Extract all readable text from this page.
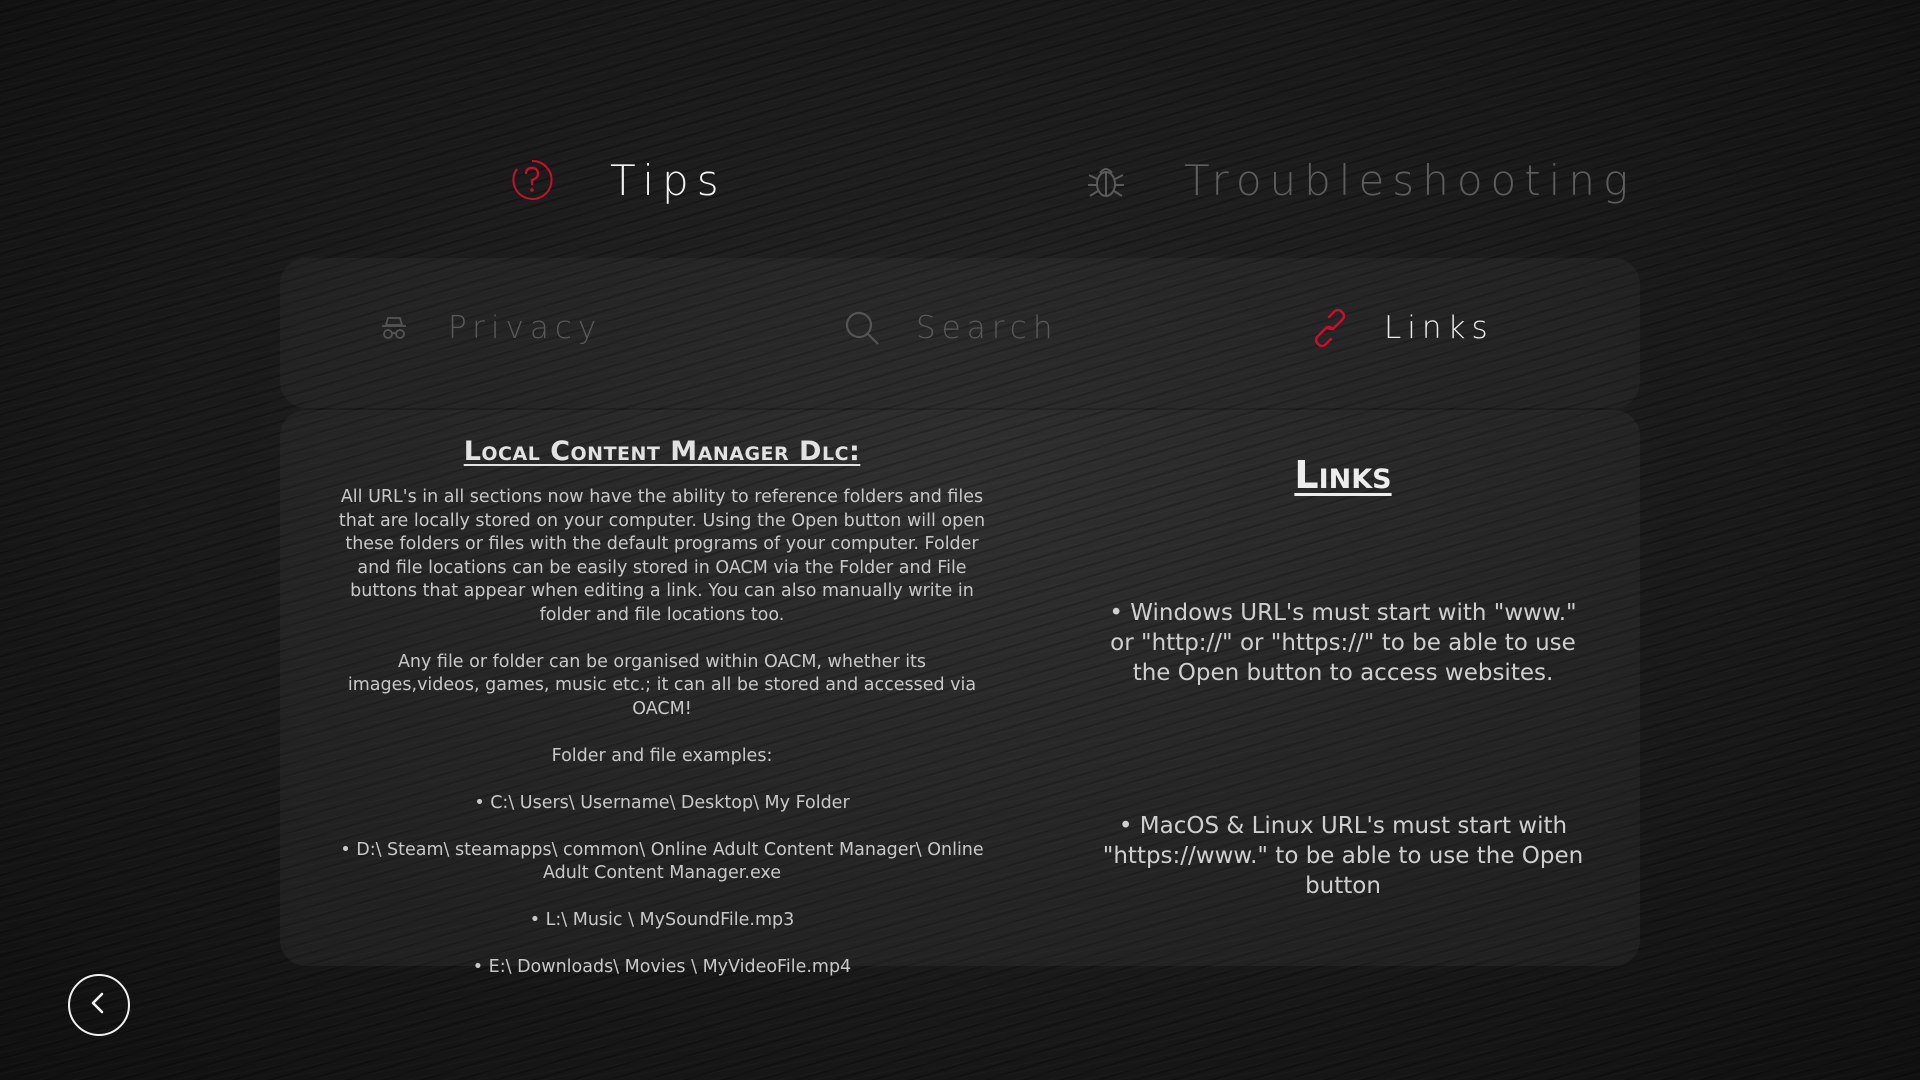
Tips	Troubleshooting
Privacy	Search	Links
Local Content Manager Dlc:

All URL's in all sections now have the ability to reference folders and files that are locally stored on your computer. Using the Open button will open these folders or files with the default programs of your computer. Folder and file locations can be easily stored in OACM via the Folder and File buttons that appear when editing a link. You can also manually write in folder and file locations too.

Any file or folder can be organised within OACM, whether its images,videos, games, music etc.; it can all be stored and accessed via OACM!

Folder and file examples:

• C:\ Users\ Username\ Desktop\ My Folder

• D:\ Steam\ steamapps\ common\ Online Adult Content Manager\ Online Adult Content Manager.exe

• L:\ Music \ MySoundFile.mp3

• E:\ Downloads\ Movies \ MyVideoFile.mp4

Links

• Windows URL's must start with "www." or "http://" or "https://" to be able to use the Open button to access websites.

• MacOS & Linux URL's must start with "https://www." to be able to use the Open button
